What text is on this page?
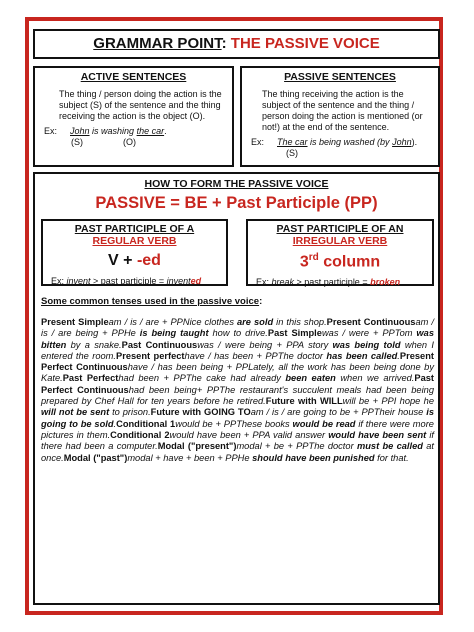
GRAMMAR POINT: THE PASSIVE VOICE
ACTIVE SENTENCES
The thing / person doing the action is the subject (S) of the sentence and the thing receiving the action is the object (O).
Ex:	John is washing the car.
(S)                (O)
PASSIVE SENTENCES
The thing receiving the action is the subject of the sentence and the thing / person doing the action is mentioned (or not!) at the end of the sentence.
Ex:	The car is being washed (by John).
(S)
HOW TO FORM THE PASSIVE VOICE
PASSIVE = BE + Past Participle (PP)
PAST PARTICIPLE OF A
REGULAR VERB
V + -ed
Ex: invent > past participle = invented
PAST PARTICIPLE OF AN
IRREGULAR VERB
3rd column
Ex: break > past participle = broken
Some common tenses used in the passive voice:
Present Simpleam / is / are + PPNice clothes are sold in this shop.Present Continuousam / is / are being + PPHe is being taught how to drive.Past Simplewas / were + PPTom was bitten by a snake.Past Continuouswas / were being + PPA story was being told when I entered the room.Present perfecthave / has been + PPThe doctor has been called.Present Perfect Continuoushave / has been being + PPLately, all the work has been being done by Kate.Past Perfecthad been + PPThe cake had already been eaten when we arrived.Past Perfect Continuoushad been being+ PPThe restaurant's succulent meals had been being prepared by Chef Hall for ten years before he retired.Future with WILLwill be + PPI hope he will not be sent to prison.Future with GOING TOam / is / are going to be + PPTheir house is going to be sold.Conditional 1would be + PPThese books would be read if there were more pictures in them.Conditional 2would have been + PPA valid answer would have been sent if there had been a computer.Modal ("present")modal + be + PPThe doctor must be called at once.Modal ("past")modal + have + been + PPHe should have been punished for that.
